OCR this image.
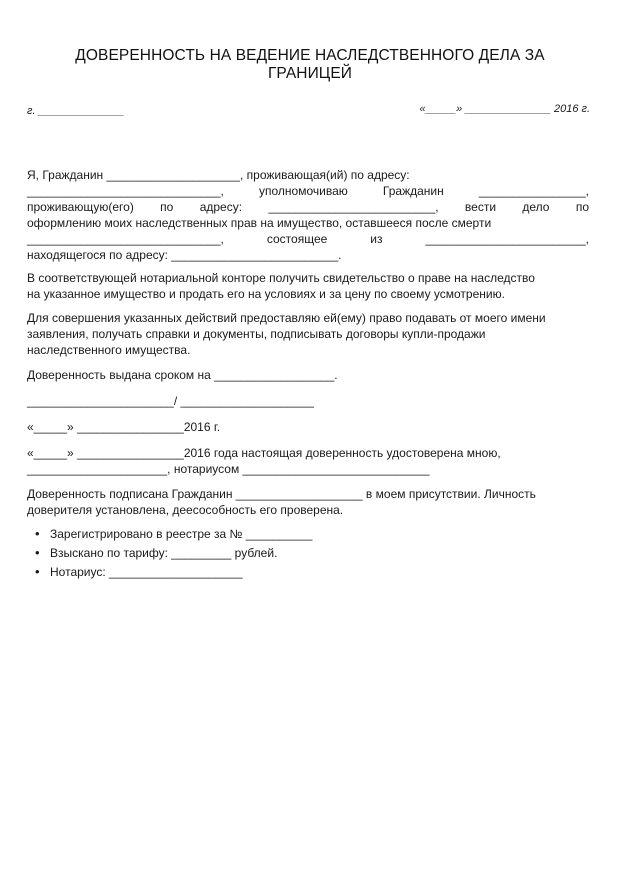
ДОВЕРЕННОСТЬ НА ВЕДЕНИЕ НАСЛЕДСТВЕННОГО ДЕЛА ЗА
ГРАНИЦЕЙ
г. ______________	«_____» ______________ 2016 г.
Я, Гражданин ____________________, проживающая(ий) по адресу:
_____________________________, уполномочиваю Гражданин ________________,
проживающую(его) по адресу: _________________________, вести дело по
оформлению моих наследственных прав на имущество, оставшееся после смерти
_____________________________, состоящее из ________________________,
находящегося по адресу: _________________________.
В соответствующей нотариальной конторе получить свидетельство о праве на наследство
на указанное имущество и продать его на условиях и за цену по своему усмотрению.
Для совершения указанных действий предоставляю ей(ему) право подавать от моего имени
заявления, получать справки и документы, подписывать договоры купли-продажи
наследственного имущества.
Доверенность выдана сроком на __________________.
______________________/ ____________________
«_____» ________________2016 г.
«_____» ________________2016 года настоящая доверенность удостоверена мною,
_____________________, нотариусом ____________________________
Доверенность подписана Гражданин ___________________ в моем присутствии. Личность
доверителя установлена, деесособность его проверена.
• Зарегистрировано в реестре за № __________
• Взыскано по тарифу: _________ рублей.
• Нотариус: ____________________
